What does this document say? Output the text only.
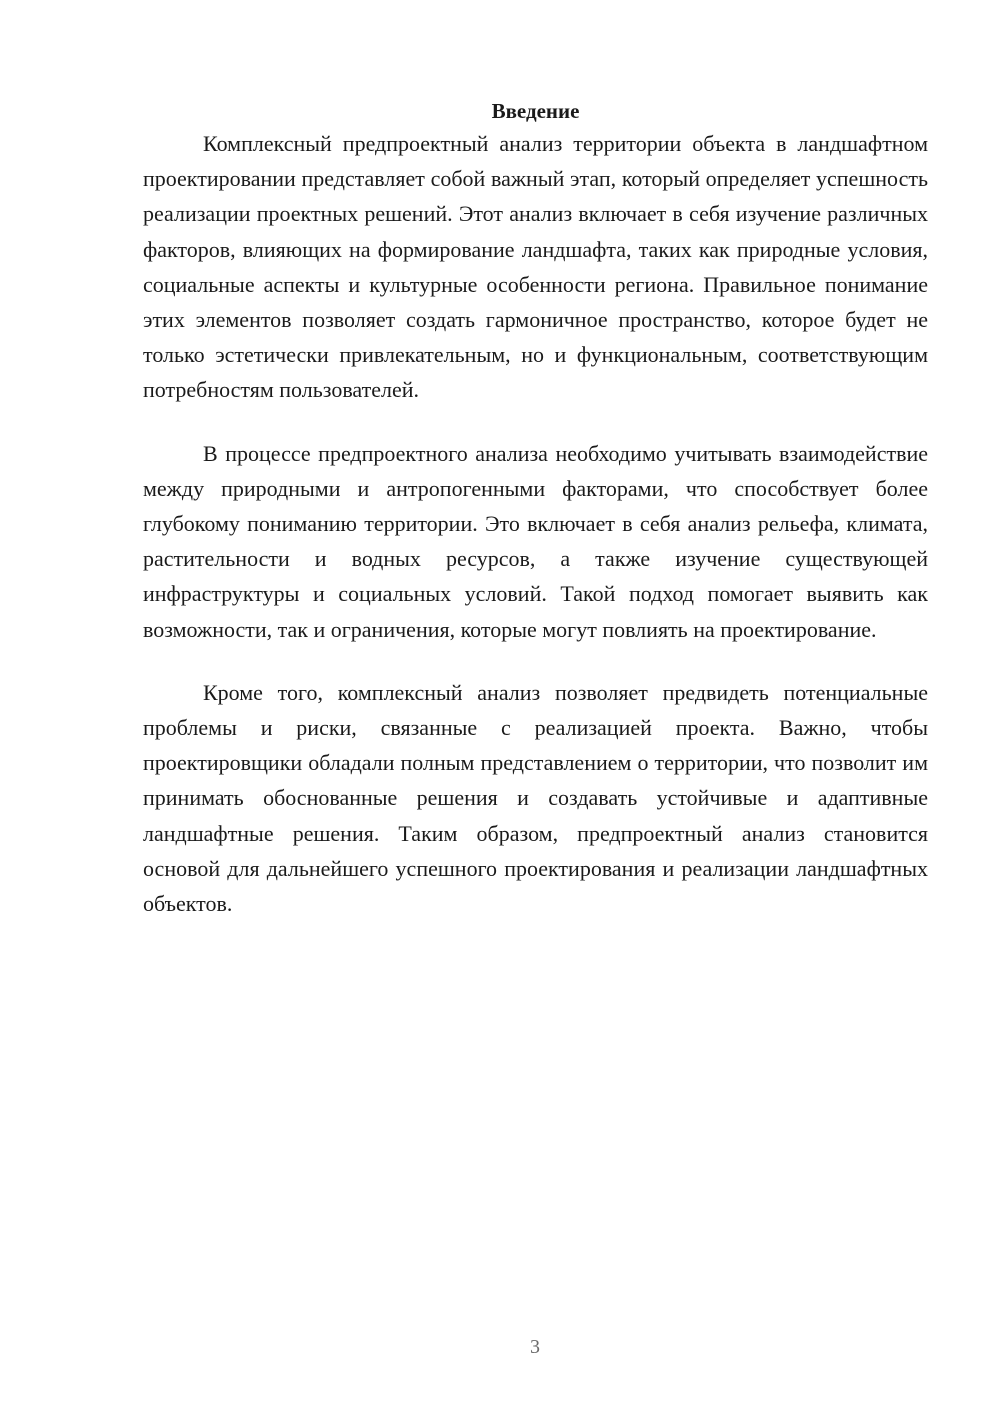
Введение

Комплексный предпроектный анализ территории объекта в ландшафтном проектировании представляет собой важный этап, который определяет успешность реализации проектных решений. Этот анализ включает в себя изучение различных факторов, влияющих на формирование ландшафта, таких как природные условия, социальные аспекты и культурные особенности региона. Правильное понимание этих элементов позволяет создать гармоничное пространство, которое будет не только эстетически привлекательным, но и функциональным, соответствующим потребностям пользователей.

В процессе предпроектного анализа необходимо учитывать взаимодействие между природными и антропогенными факторами, что способствует более глубокому пониманию территории. Это включает в себя анализ рельефа, климата, растительности и водных ресурсов, а также изучение существующей инфраструктуры и социальных условий. Такой подход помогает выявить как возможности, так и ограничения, которые могут повлиять на проектирование.

Кроме того, комплексный анализ позволяет предвидеть потенциальные проблемы и риски, связанные с реализацией проекта. Важно, чтобы проектировщики обладали полным представлением о территории, что позволит им принимать обоснованные решения и создавать устойчивые и адаптивные ландшафтные решения. Таким образом, предпроектный анализ становится основой для дальнейшего успешного проектирования и реализации ландшафтных объектов.

3
